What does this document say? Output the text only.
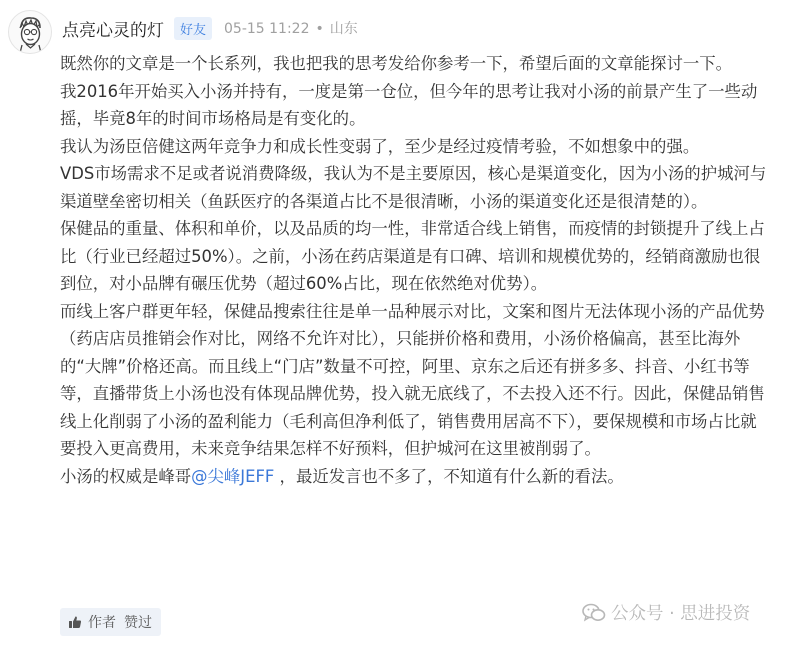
点亮心灵的灯	好友	05-15 11:22 • 山东

既然你的文章是一个长系列，我也把我的思考发给你参考一下，希望后面的文章能探讨一下。

我2016年开始买入小汤并持有，一度是第一仓位，但今年的思考让我对小汤的前景产生了一些动摇，毕竟8年的时间市场格局是有变化的。

我认为汤臣倍健这两年竞争力和成长性变弱了，至少是经过疫情考验，不如想象中的强。

VDS市场需求不足或者说消费降级，我认为不是主要原因，核心是渠道变化，因为小汤的护城河与渠道壁垒密切相关（鱼跃医疗的各渠道占比不是很清晰，小汤的渠道变化还是很清楚的）。

保健品的重量、体积和单价，以及品质的均一性，非常适合线上销售，而疫情的封锁提升了线上占比（行业已经超过50%）。之前，小汤在药店渠道是有口碑、培训和规模优势的，经销商激励也很到位，对小品牌有碾压优势（超过60%占比，现在依然绝对优势）。

而线上客户群更年轻，保健品搜索往往是单一品种展示对比，文案和图片无法体现小汤的产品优势（药店店员推销会作对比，网络不允许对比），只能拼价格和费用，小汤价格偏高，甚至比海外的“大牌”价格还高。而且线上“门店”数量不可控，阿里、京东之后还有拼多多、抖音、小红书等等，直播带货上小汤也没有体现品牌优势，投入就无底线了，不去投入还不行。因此，保健品销售线上化削弱了小汤的盈利能力（毛利高但净利低了，销售费用居高不下），要保规模和市场占比就要投入更高费用，未来竞争结果怎样不好预料，但护城河在这里被削弱了。

小汤的权威是峰哥@尖峰JEFF ，最近发言也不多了，不知道有什么新的看法。

作者 赞过	公众号 · 思进投资
